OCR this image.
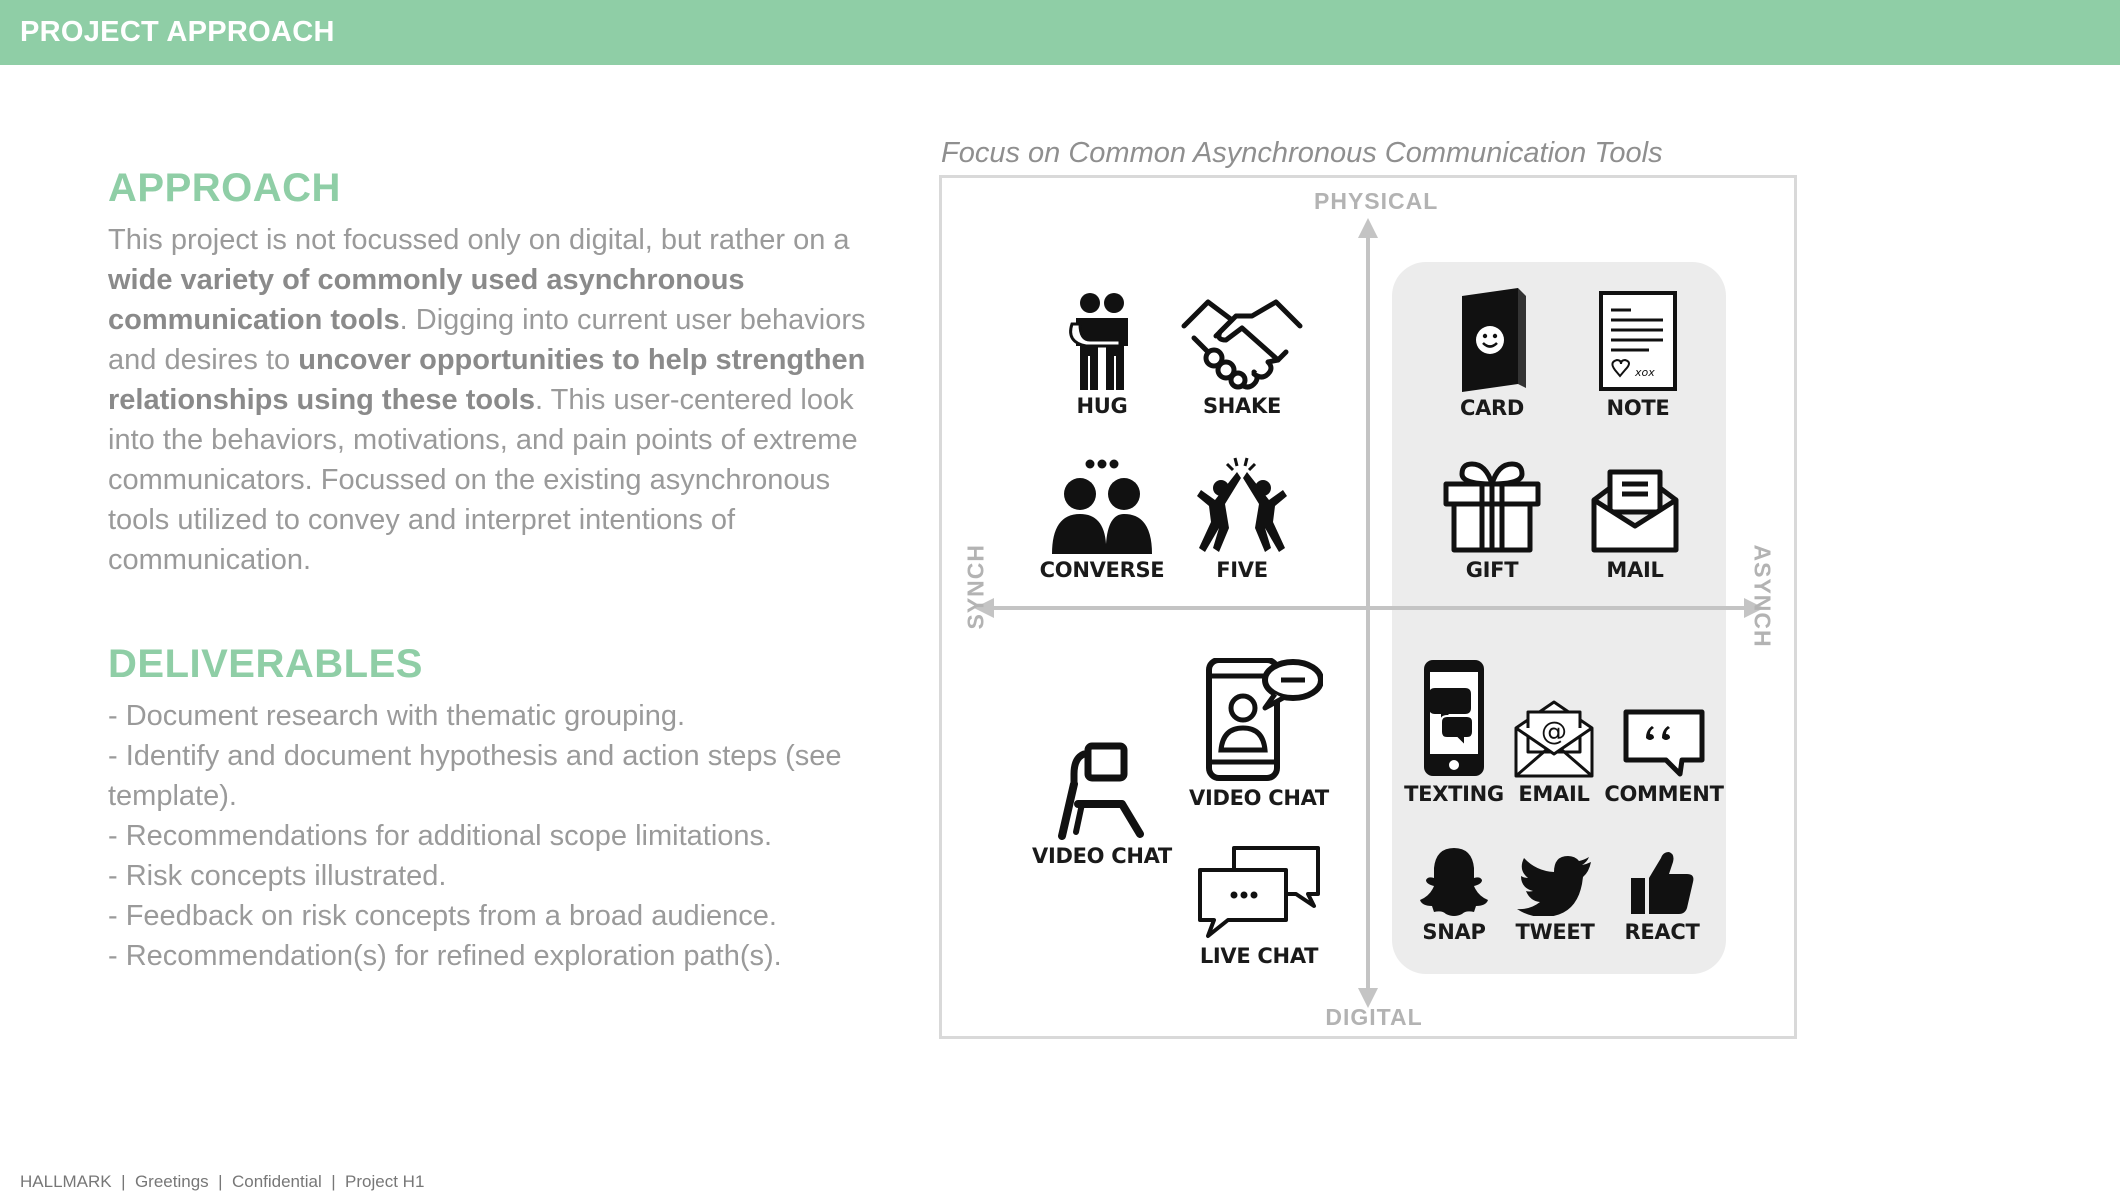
PROJECT APPROACH
APPROACH

This project is not focussed only on digital, but rather on a wide variety of commonly used asynchronous communication tools. Digging into current user behaviors and desires to uncover opportunities to help strengthen relationships using these tools. This user-centered look into the behaviors, motivations, and pain points of extreme communicators. Focussed on the existing asynchronous tools utilized to convey and interpret intentions of communication.

DELIVERABLES
- Document research with thematic grouping.
- Identify and document hypothesis and action steps (see template).
- Recommendations for additional scope limitations.
- Risk concepts illustrated.
- Feedback on risk concepts from a broad audience.
- Recommendation(s) for refined exploration path(s).
Focus on Common Asynchronous Communication Tools
PHYSICAL
DIGITAL
SYNCH	ASYNCH
HUG	SHAKE	CARD
xox
NOTE
CONVERSE FIVE	GIFT	MAIL
VIDEO CHAT
VIDEO CHAT
LIVE CHAT
TEXTING
@
EMAIL COMMENT
SNAP TWEET REACT
HALLMARK  |  Greetings  |  Confidential  |  Project H1
